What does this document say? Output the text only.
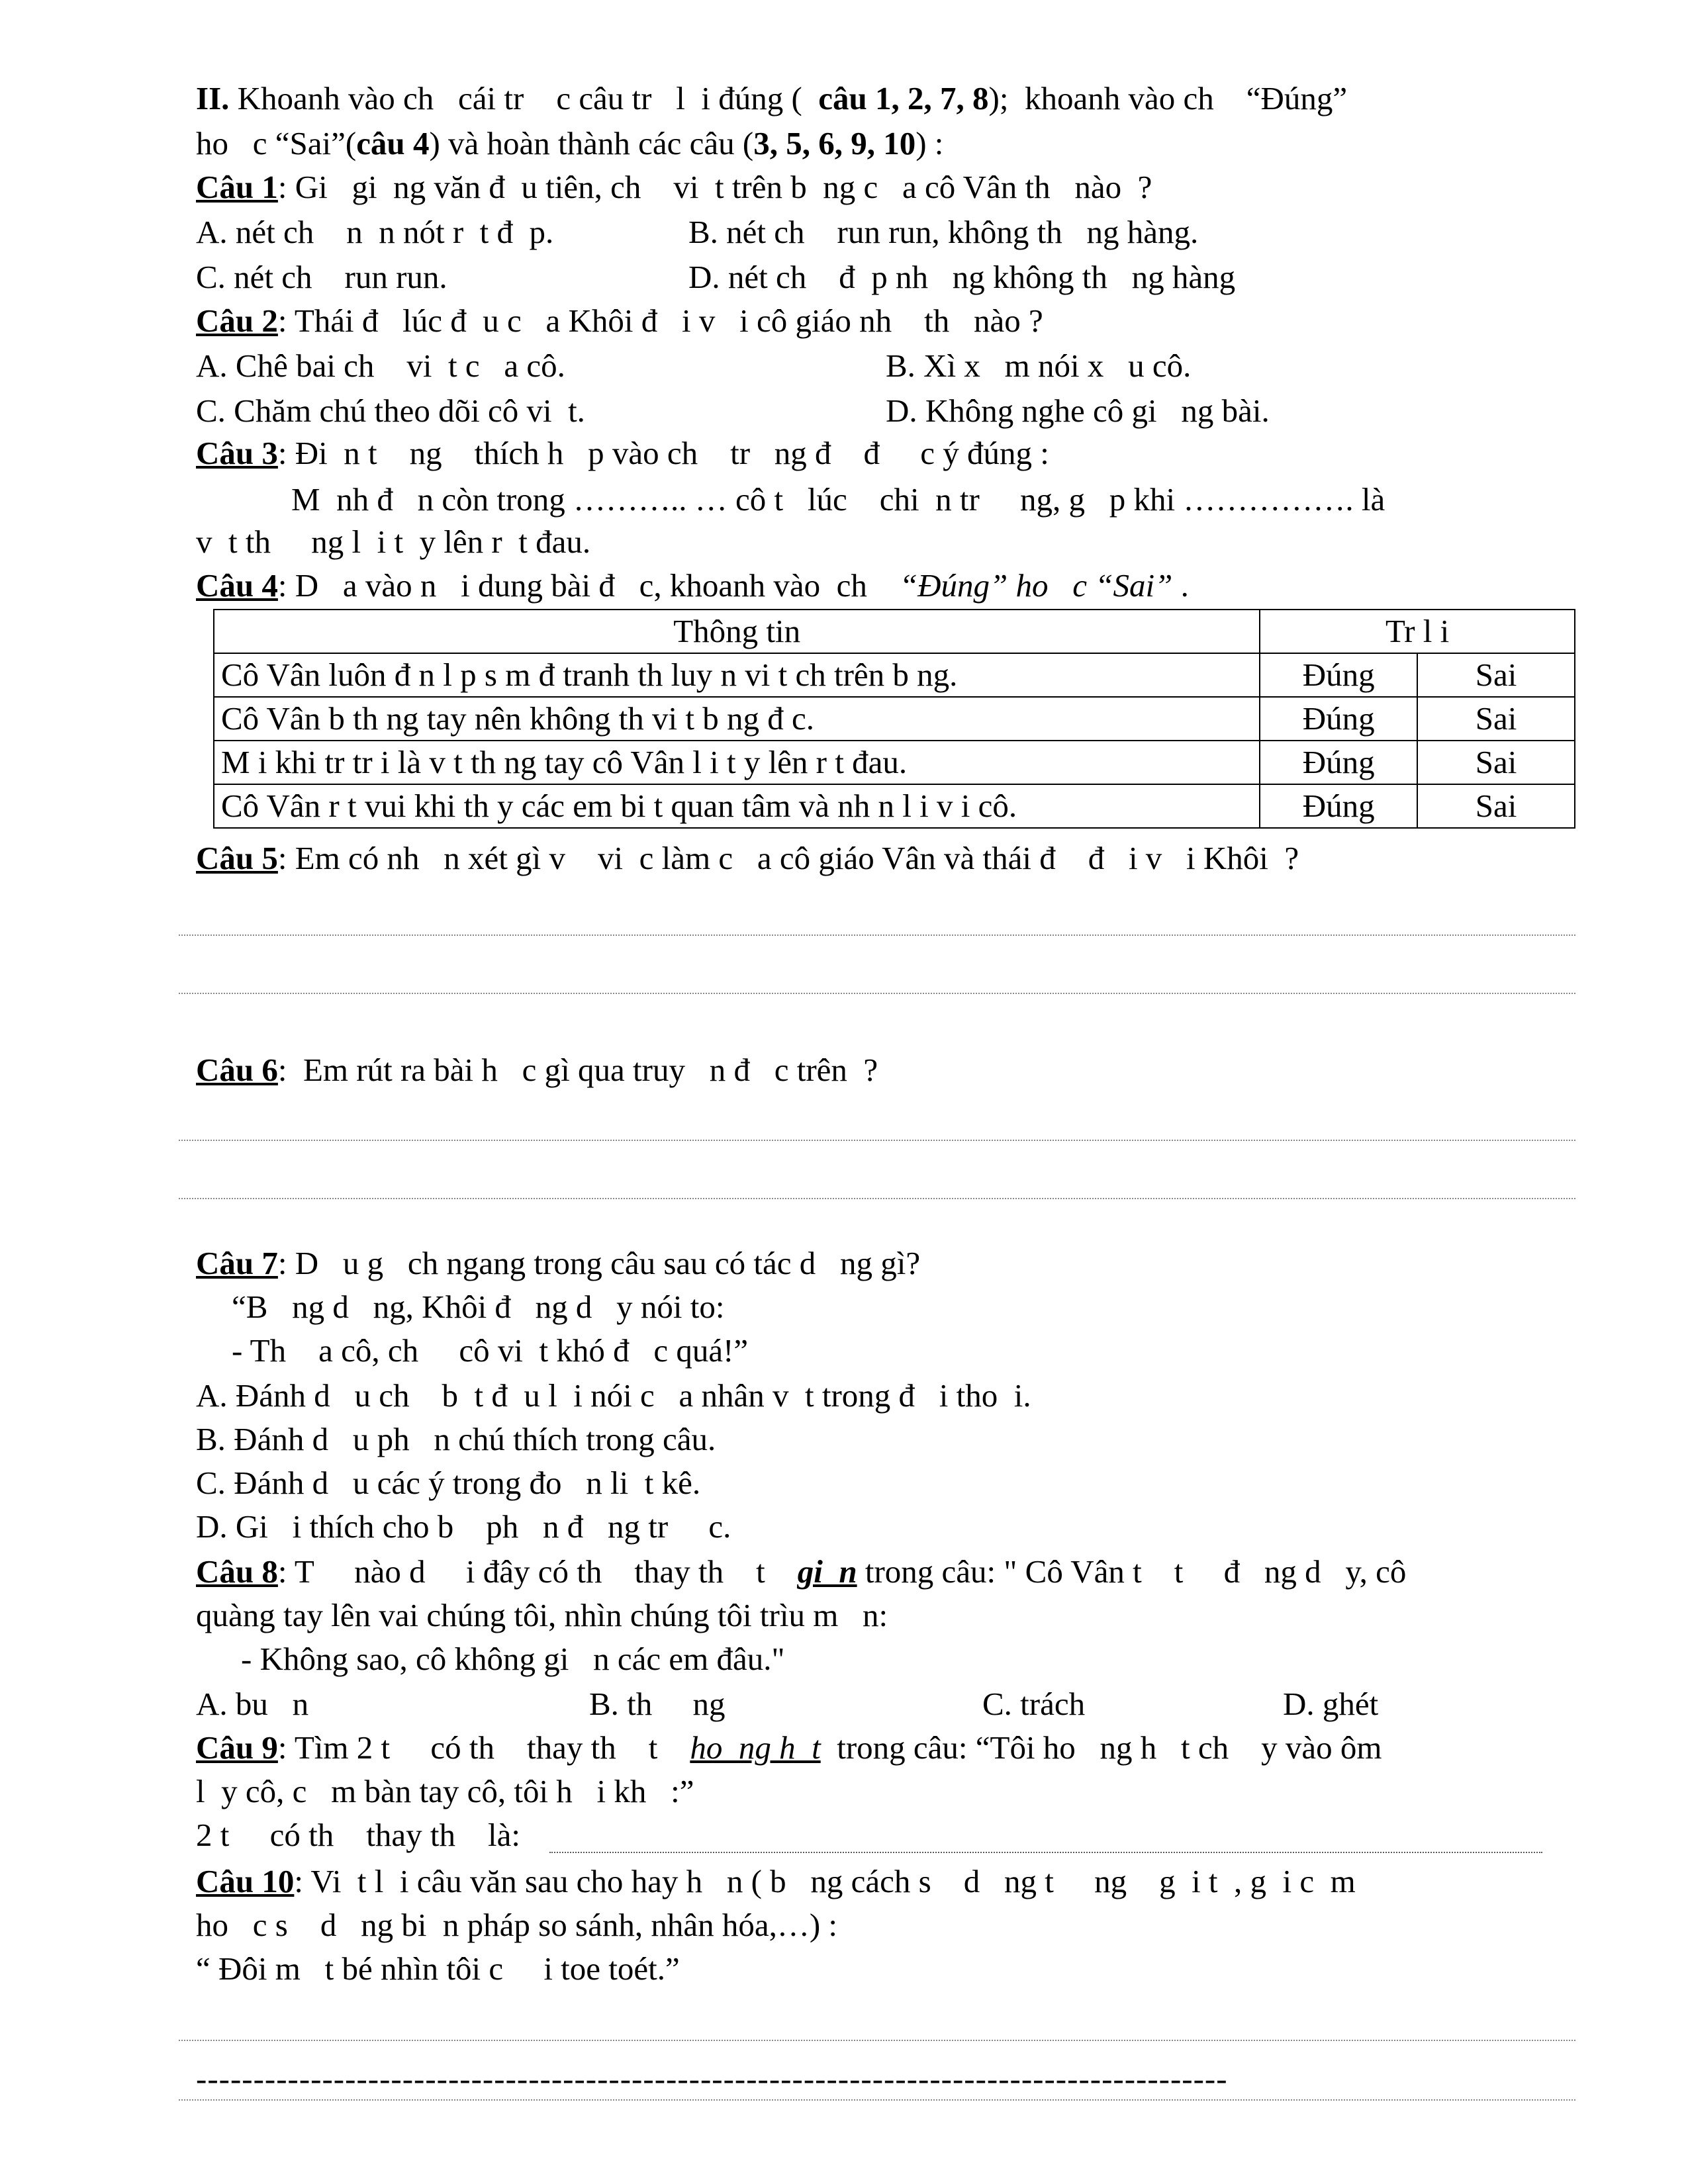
II. Khoanh vào ch   cái tr    c câu tr   l  i đúng (  câu 1, 2, 7, 8);  khoanh vào ch    “Đúng”
ho   c “Sai”(câu 4) và hoàn thành các câu (3, 5, 6, 9, 10) :
Câu 1: Gi   gi  ng văn đ  u tiên, ch    vi  t trên b  ng c   a cô Vân th   nào  ?
A. nét ch    n  n nót r  t đ  p.	B. nét ch    run run, không th   ng hàng.
C. nét ch    run run.	D. nét ch    đ  p nh   ng không th   ng hàng
Câu 2: Thái đ   lúc đ  u c   a Khôi đ   i v   i cô giáo nh    th   nào ?
A. Chê bai ch    vi  t c   a cô.	B. Xì x   m nói x   u cô.
C. Chăm chú theo dõi cô vi  t.	D. Không nghe cô gi   ng bài.
Câu 3: Đi  n t    ng    thích h   p vào ch    tr   ng đ    đ     c ý đúng :
M  nh đ   n còn trong ……….. … cô t   lúc    chi  n tr     ng, g   p khi ……………. là
v  t th     ng l  i t  y lên r  t đau.
Câu 4: D   a vào n   i dung bài đ   c, khoanh vào  ch    “Đúng” ho   c “Sai” .
Thông tin	Tr l i	
Cô Vân luôn đ n l p s m đ tranh th luy n vi t ch trên b ng.	Đúng	Sai
Cô Vân b th ng tay nên không th vi t b ng đ c.	Đúng	Sai
M i khi tr tr i là v t th ng tay cô Vân l i t y lên r t đau.	Đúng	Sai
Cô Vân r t vui khi th y các em bi t quan tâm và nh n l i v i cô.	Đúng	Sai
Câu 5: Em có nh   n xét gì v    vi  c làm c   a cô giáo Vân và thái đ    đ   i v   i Khôi  ?
Câu 6:  Em rút ra bài h   c gì qua truy   n đ   c trên  ?
Câu 7: D   u g   ch ngang trong câu sau có tác d   ng gì?
“B   ng d   ng, Khôi đ   ng d   y nói to:
- Th    a cô, ch     cô vi  t khó đ   c quá!”
A. Đánh d   u ch    b  t đ  u l  i nói c   a nhân v  t trong đ   i tho  i.
B. Đánh d   u ph   n chú thích trong câu.
C. Đánh d   u các ý trong đo   n li  t kê.
D. Gi   i thích cho b    ph   n đ   ng tr     c.
Câu 8: T     nào d     i đây có th    thay th    t    gi  n trong câu: " Cô Vân t    t     đ   ng d   y, cô
quàng tay lên vai chúng tôi, nhìn chúng tôi trìu m   n:
- Không sao, cô không gi   n các em đâu."
A. bu   n	B. th     ng	C. trách	D. ghét
Câu 9: Tìm 2 t     có th    thay th    t    ho  ng h  t  trong câu: “Tôi ho   ng h   t ch    y vào ôm
l  y cô, c   m bàn tay cô, tôi h   i kh   :”
2 t     có th    thay th    là:
Câu 10: Vi  t l  i câu văn sau cho hay h   n ( b   ng cách s    d   ng t     ng    g  i t  , g  i c  m
ho   c s    d   ng bi  n pháp so sánh, nhân hóa,…) :
“ Đôi m   t bé nhìn tôi c     i toe toét.”
------------------------------------------------------------------------------------------
